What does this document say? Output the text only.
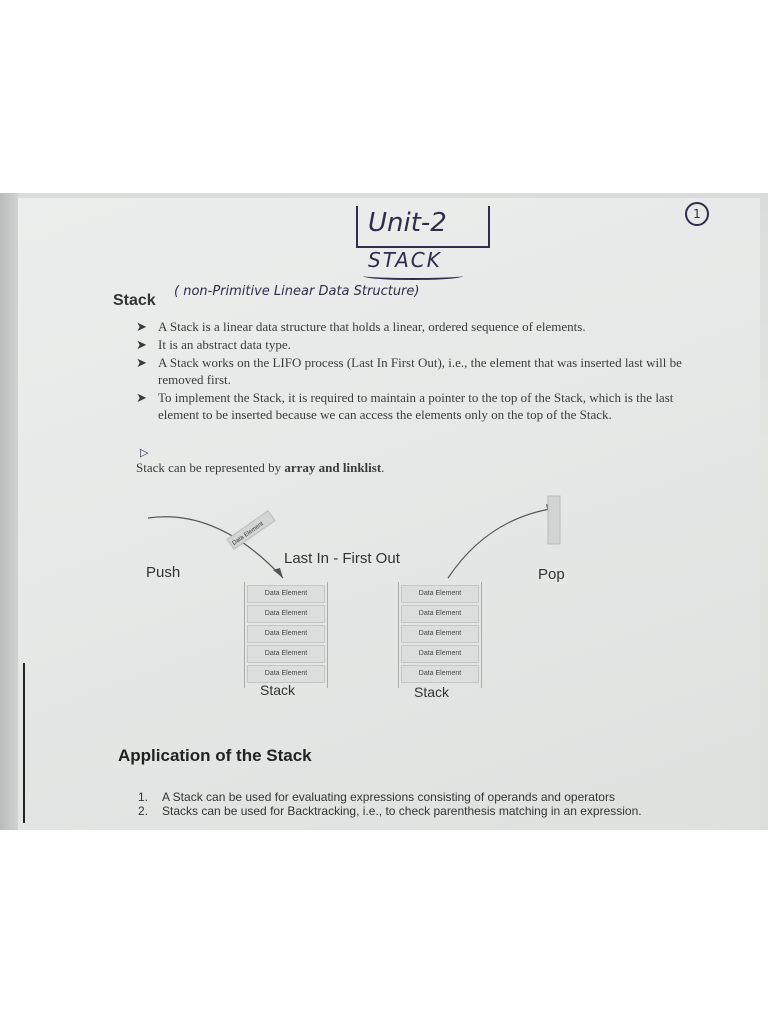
Unit-2	1
STACK
Stack
( non-Primitive Linear Data Structure)
➤ A Stack is a linear data structure that holds a linear, ordered sequence of elements.
➤ It is an abstract data type.
➤ A Stack works on the LIFO process (Last In First Out), i.e., the element that was inserted last will be removed first.
➤ To implement the Stack, it is required to maintain a pointer to the top of the Stack, which is the last element to be inserted because we can access the elements only on the top of the Stack.
▷
Stack can be represented by array and linklist.
Data Element
Last In - First Out
Push	Pop
Data Element
Data Element
Data Element
Data Element
Data Element
Data Element
Data Element
Data Element
Data Element
Data Element
Stack	Stack
Application of the Stack
1.	A Stack can be used for evaluating expressions consisting of operands and operators
2.	Stacks can be used for Backtracking, i.e., to check parenthesis matching in an expression.
